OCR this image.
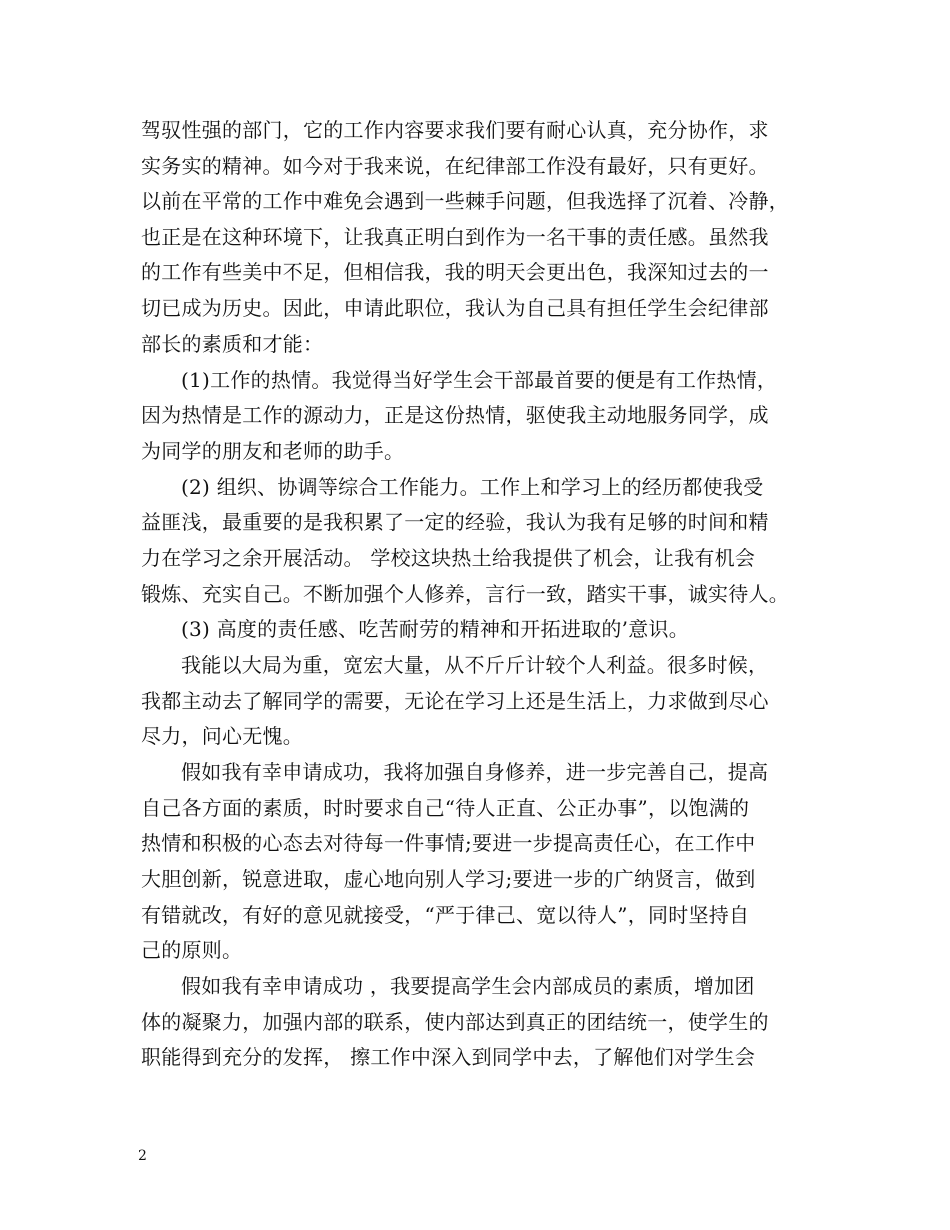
驾驭性强的部门，它的工作内容要求我们要有耐心认真，充分协作，求
实务实的精神。如今对于我来说，在纪律部工作没有最好，只有更好。
以前在平常的工作中难免会遇到一些棘手问题，但我选择了沉着、冷静，
也正是在这种环境下，让我真正明白到作为一名干事的责任感。虽然我
的工作有些美中不足，但相信我，我的明天会更出色，我深知过去的一
切已成为历史。因此，申请此职位，我认为自己具有担任学生会纪律部
部长的素质和才能：
(1)工作的热情。我觉得当好学生会干部最首要的便是有工作热情，
因为热情是工作的源动力，正是这份热情，驱使我主动地服务同学，成
为同学的朋友和老师的助手。
(2) 组织、协调等综合工作能力。工作上和学习上的经历都使我受
益匪浅，最重要的是我积累了一定的经验，我认为我有足够的时间和精
力在学习之余开展活动。 学校这块热土给我提供了机会，让我有机会
锻炼、充实自己。不断加强个人修养，言行一致，踏实干事，诚实待人。
(3) 高度的责任感、吃苦耐劳的精神和开拓进取的’意识。
我能以大局为重，宽宏大量，从不斤斤计较个人利益。很多时候，
我都主动去了解同学的需要，无论在学习上还是生活上，力求做到尽心
尽力，问心无愧。
假如我有幸申请成功，我将加强自身修养，进一步完善自己，提高
自己各方面的素质，时时要求自己“待人正直、公正办事”，以饱满的
热情和积极的心态去对待每一件事情;要进一步提高责任心，在工作中
大胆创新，锐意进取，虚心地向别人学习;要进一步的广纳贤言，做到
有错就改，有好的意见就接受，“严于律己、宽以待人”，同时坚持自
己的原则。
假如我有幸申请成功 ，我要提高学生会内部成员的素质，增加团
体的凝聚力，加强内部的联系，使内部达到真正的团结统一，使学生的
职能得到充分的发挥， 擦工作中深入到同学中去，了解他们对学生会
2
